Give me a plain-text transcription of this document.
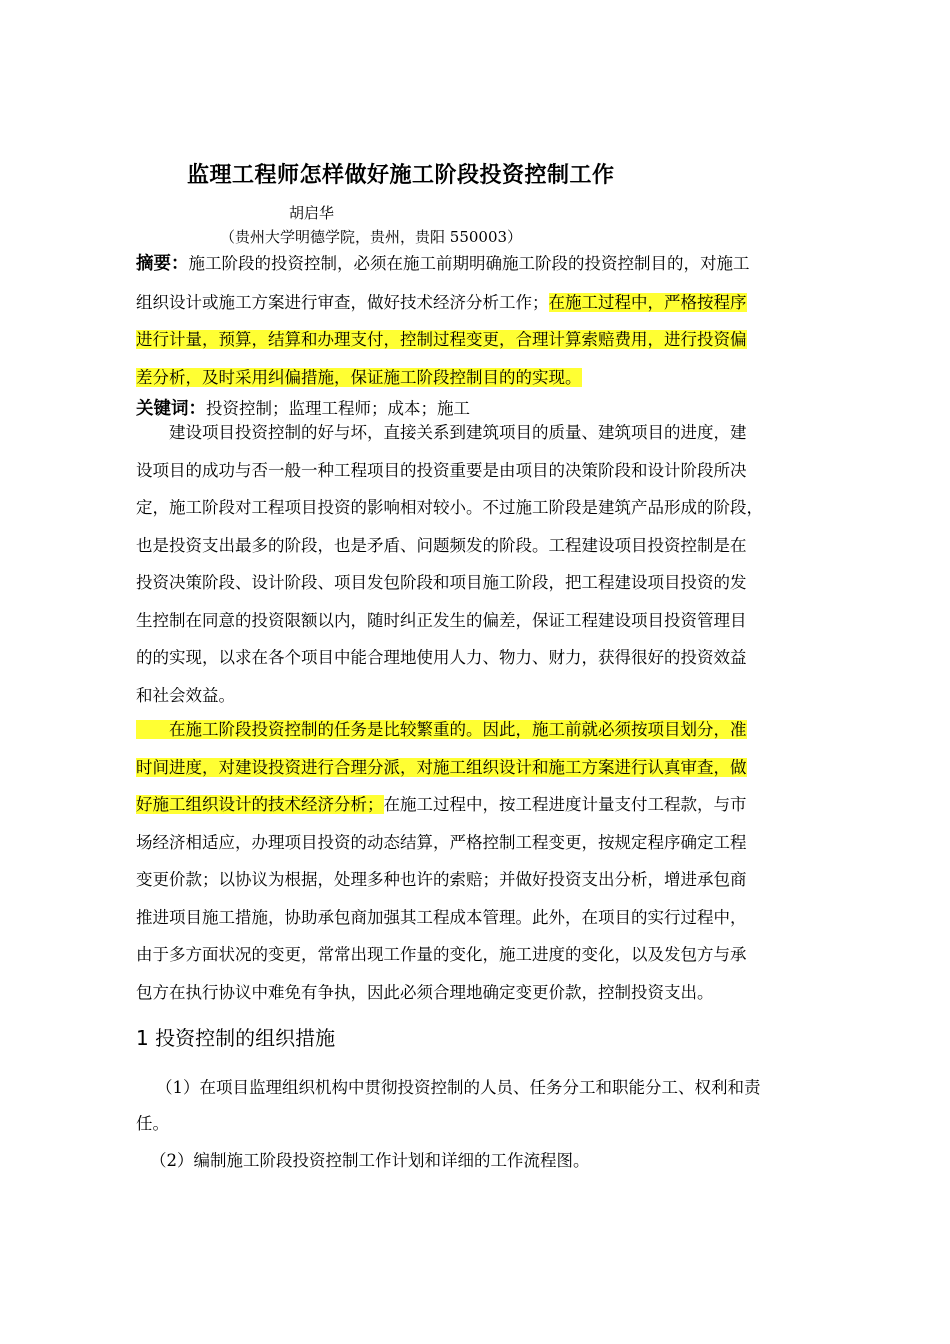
监理工程师怎样做好施工阶段投资控制工作
胡启华
（贵州大学明德学院，贵州，贵阳 550003）
摘要：施工阶段的投资控制，必须在施工前期明确施工阶段的投资控制目的，对施工
组织设计或施工方案进行审查，做好技术经济分析工作；在施工过程中，严格按程序
进行计量，预算，结算和办理支付，控制过程变更，合理计算索赔费用，进行投资偏
差分析，及时采用纠偏措施，保证施工阶段控制目的的实现。
关键词：投资控制；监理工程师；成本；施工
　　建设项目投资控制的好与坏，直接关系到建筑项目的质量、建筑项目的进度，建
设项目的成功与否一般一种工程项目的投资重要是由项目的决策阶段和设计阶段所决
定，施工阶段对工程项目投资的影响相对较小。不过施工阶段是建筑产品形成的阶段，
也是投资支出最多的阶段，也是矛盾、问题频发的阶段。工程建设项目投资控制是在
投资决策阶段、设计阶段、项目发包阶段和项目施工阶段，把工程建设项目投资的发
生控制在同意的投资限额以内，随时纠正发生的偏差，保证工程建设项目投资管理目
的的实现，以求在各个项目中能合理地使用人力、物力、财力，获得很好的投资效益
和社会效益。
　　在施工阶段投资控制的任务是比较繁重的。因此，施工前就必须按项目划分，准
时间进度，对建设投资进行合理分派，对施工组织设计和施工方案进行认真审查，做
好施工组织设计的技术经济分析；在施工过程中，按工程进度计量支付工程款，与市
场经济相适应，办理项目投资的动态结算，严格控制工程变更，按规定程序确定工程
变更价款；以协议为根据，处理多种也许的索赔；并做好投资支出分析，增进承包商
推进项目施工措施，协助承包商加强其工程成本管理。此外，在项目的实行过程中，
由于多方面状况的变更，常常出现工作量的变化，施工进度的变化，以及发包方与承
包方在执行协议中难免有争执，因此必须合理地确定变更价款，控制投资支出。
1 投资控制的组织措施
（1）在项目监理组织机构中贯彻投资控制的人员、任务分工和职能分工、权利和责
任。
（2）编制施工阶段投资控制工作计划和详细的工作流程图。
